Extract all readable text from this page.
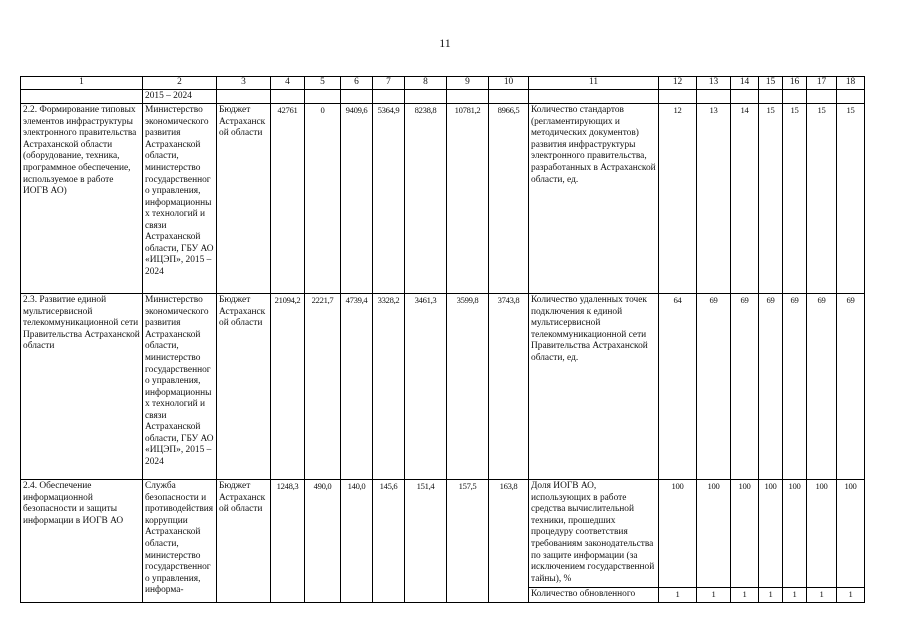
11
1	2	3	4	5	6	7	8	9	10	11	12	13	14	15	16	17	18
	2015 – 2024																
2.2. Формирование типовых элементов инфраструктуры электронного правительства Астраханской области (оборудование, техника, программное обеспечение, используемое в работе ИОГВ АО)	Министерство экономического развития Астраханской области, министерство государственного управления, информационных технологий и связи Астраханской области, ГБУ АО «ИЦЭП», 2015 – 2024	Бюджет Астраханской области	42761	0	9409,6	5364,9	8238,8	10781,2	8966,5	Количество стандартов (регламентирующих и методических документов) развития инфраструктуры электронного правительства, разработанных в Астраханской области, ед.	12	13	14	15	15	15	15
2.3. Развитие единой мультисервисной телекоммуникационной сети Правительства Астраханской области	Министерство экономического развития Астраханской области, министерство государственного управления, информационных технологий и связи Астраханской области, ГБУ АО «ИЦЭП», 2015 – 2024	Бюджет Астраханской области	21094,2	2221,7	4739,4	3328,2	3461,3	3599,8	3743,8	Количество удаленных точек подключения к единой мультисервисной телекоммуникационной сети Правительства Астраханской области, ед.	64	69	69	69	69	69	69
2.4. Обеспечение информационной безопасности и защиты информации в ИОГВ АО	Служба безопасности и противодействия коррупции Астраханской области, министерство государственного управления, информа-	Бюджет Астраханской области	1248,3	490,0	140,0	145,6	151,4	157,5	163,8	Доля ИОГВ АО, использующих в работе средства вычислительной техники, прошедших процедуру соответствия требованиям законодательства по защите информации (за исключением государственной тайны), %	100	100	100	100	100	100	100
										Количество обновленного	1	1	1	1	1	1	1
